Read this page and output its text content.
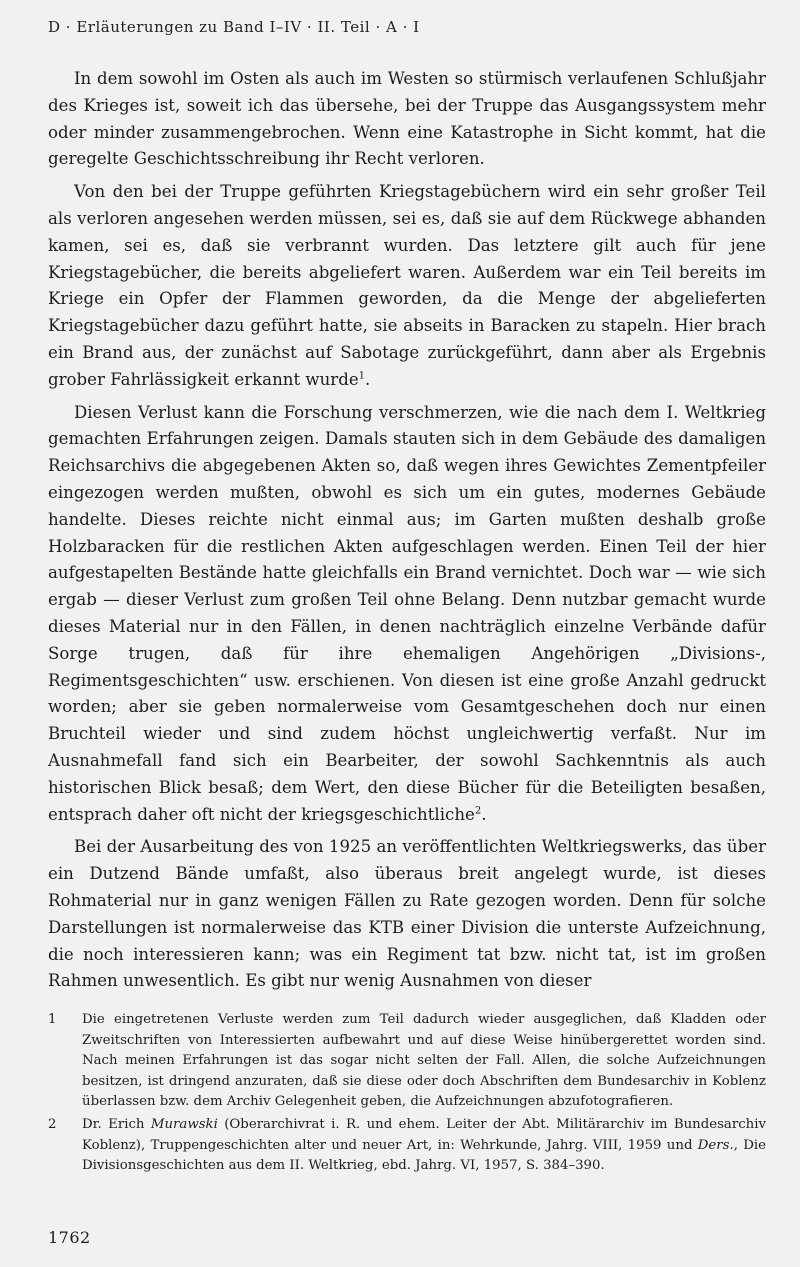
D · Erläuterungen zu Band I–IV · II. Teil · A · I

In dem sowohl im Osten als auch im Westen so stürmisch verlaufenen Schlußjahr des Krieges ist, soweit ich das übersehe, bei der Truppe das Ausgangssystem mehr oder minder zusammengebrochen. Wenn eine Katastrophe in Sicht kommt, hat die geregelte Geschichtsschreibung ihr Recht verloren.

Von den bei der Truppe geführten Kriegstagebüchern wird ein sehr großer Teil als verloren angesehen werden müssen, sei es, daß sie auf dem Rückwege abhanden kamen, sei es, daß sie verbrannt wurden. Das letztere gilt auch für jene Kriegstagebücher, die bereits abgeliefert waren. Außerdem war ein Teil bereits im Kriege ein Opfer der Flammen geworden, da die Menge der abgelieferten Kriegstagebücher dazu geführt hatte, sie abseits in Baracken zu stapeln. Hier brach ein Brand aus, der zunächst auf Sabotage zurückgeführt, dann aber als Ergebnis grober Fahrlässigkeit erkannt wurde$^1$.

Diesen Verlust kann die Forschung verschmerzen, wie die nach dem I. Weltkrieg gemachten Erfahrungen zeigen. Damals stauten sich in dem Gebäude des damaligen Reichsarchivs die abgegebenen Akten so, daß wegen ihres Gewichtes Zementpfeiler eingezogen werden mußten, obwohl es sich um ein gutes, modernes Gebäude handelte. Dieses reichte nicht einmal aus; im Garten mußten deshalb große Holzbaracken für die restlichen Akten aufgeschlagen werden. Einen Teil der hier aufgestapelten Bestände hatte gleichfalls ein Brand vernichtet. Doch war — wie sich ergab — dieser Verlust zum großen Teil ohne Belang. Denn nutzbar gemacht wurde dieses Material nur in den Fällen, in denen nachträglich einzelne Verbände dafür Sorge trugen, daß für ihre ehemaligen Angehörigen „Divisions-, Regimentsgeschichten“ usw. erschienen. Von diesen ist eine große Anzahl gedruckt worden; aber sie geben normalerweise vom Gesamtgeschehen doch nur einen Bruchteil wieder und sind zudem höchst ungleichwertig verfaßt. Nur im Ausnahmefall fand sich ein Bearbeiter, der sowohl Sachkenntnis als auch historischen Blick besaß; dem Wert, den diese Bücher für die Beteiligten besaßen, entsprach daher oft nicht der kriegsgeschichtliche$^2$.

Bei der Ausarbeitung des von 1925 an veröffentlichten Weltkriegswerks, das über ein Dutzend Bände umfaßt, also überaus breit angelegt wurde, ist dieses Rohmaterial nur in ganz wenigen Fällen zu Rate gezogen worden. Denn für solche Darstellungen ist normalerweise das KTB einer Division die unterste Aufzeichnung, die noch interessieren kann; was ein Regiment tat bzw. nicht tat, ist im großen Rahmen unwesentlich. Es gibt nur wenig Ausnahmen von dieser

1	Die eingetretenen Verluste werden zum Teil dadurch wieder ausgeglichen, daß Kladden oder Zweitschriften von Interessierten aufbewahrt und auf diese Weise hinübergerettet worden sind. Nach meinen Erfahrungen ist das sogar nicht selten der Fall. Allen, die solche Aufzeichnungen besitzen, ist dringend anzuraten, daß sie diese oder doch Abschriften dem Bundesarchiv in Koblenz überlassen bzw. dem Archiv Gelegenheit geben, die Aufzeichnungen abzufotografieren.
2	Dr. Erich Murawski (Oberarchivrat i. R. und ehem. Leiter der Abt. Militärarchiv im Bundesarchiv Koblenz), Truppengeschichten alter und neuer Art, in: Wehrkunde, Jahrg. VIII, 1959 und Ders., Die Divisionsgeschichten aus dem II. Weltkrieg, ebd. Jahrg. VI, 1957, S. 384–390.
1762
